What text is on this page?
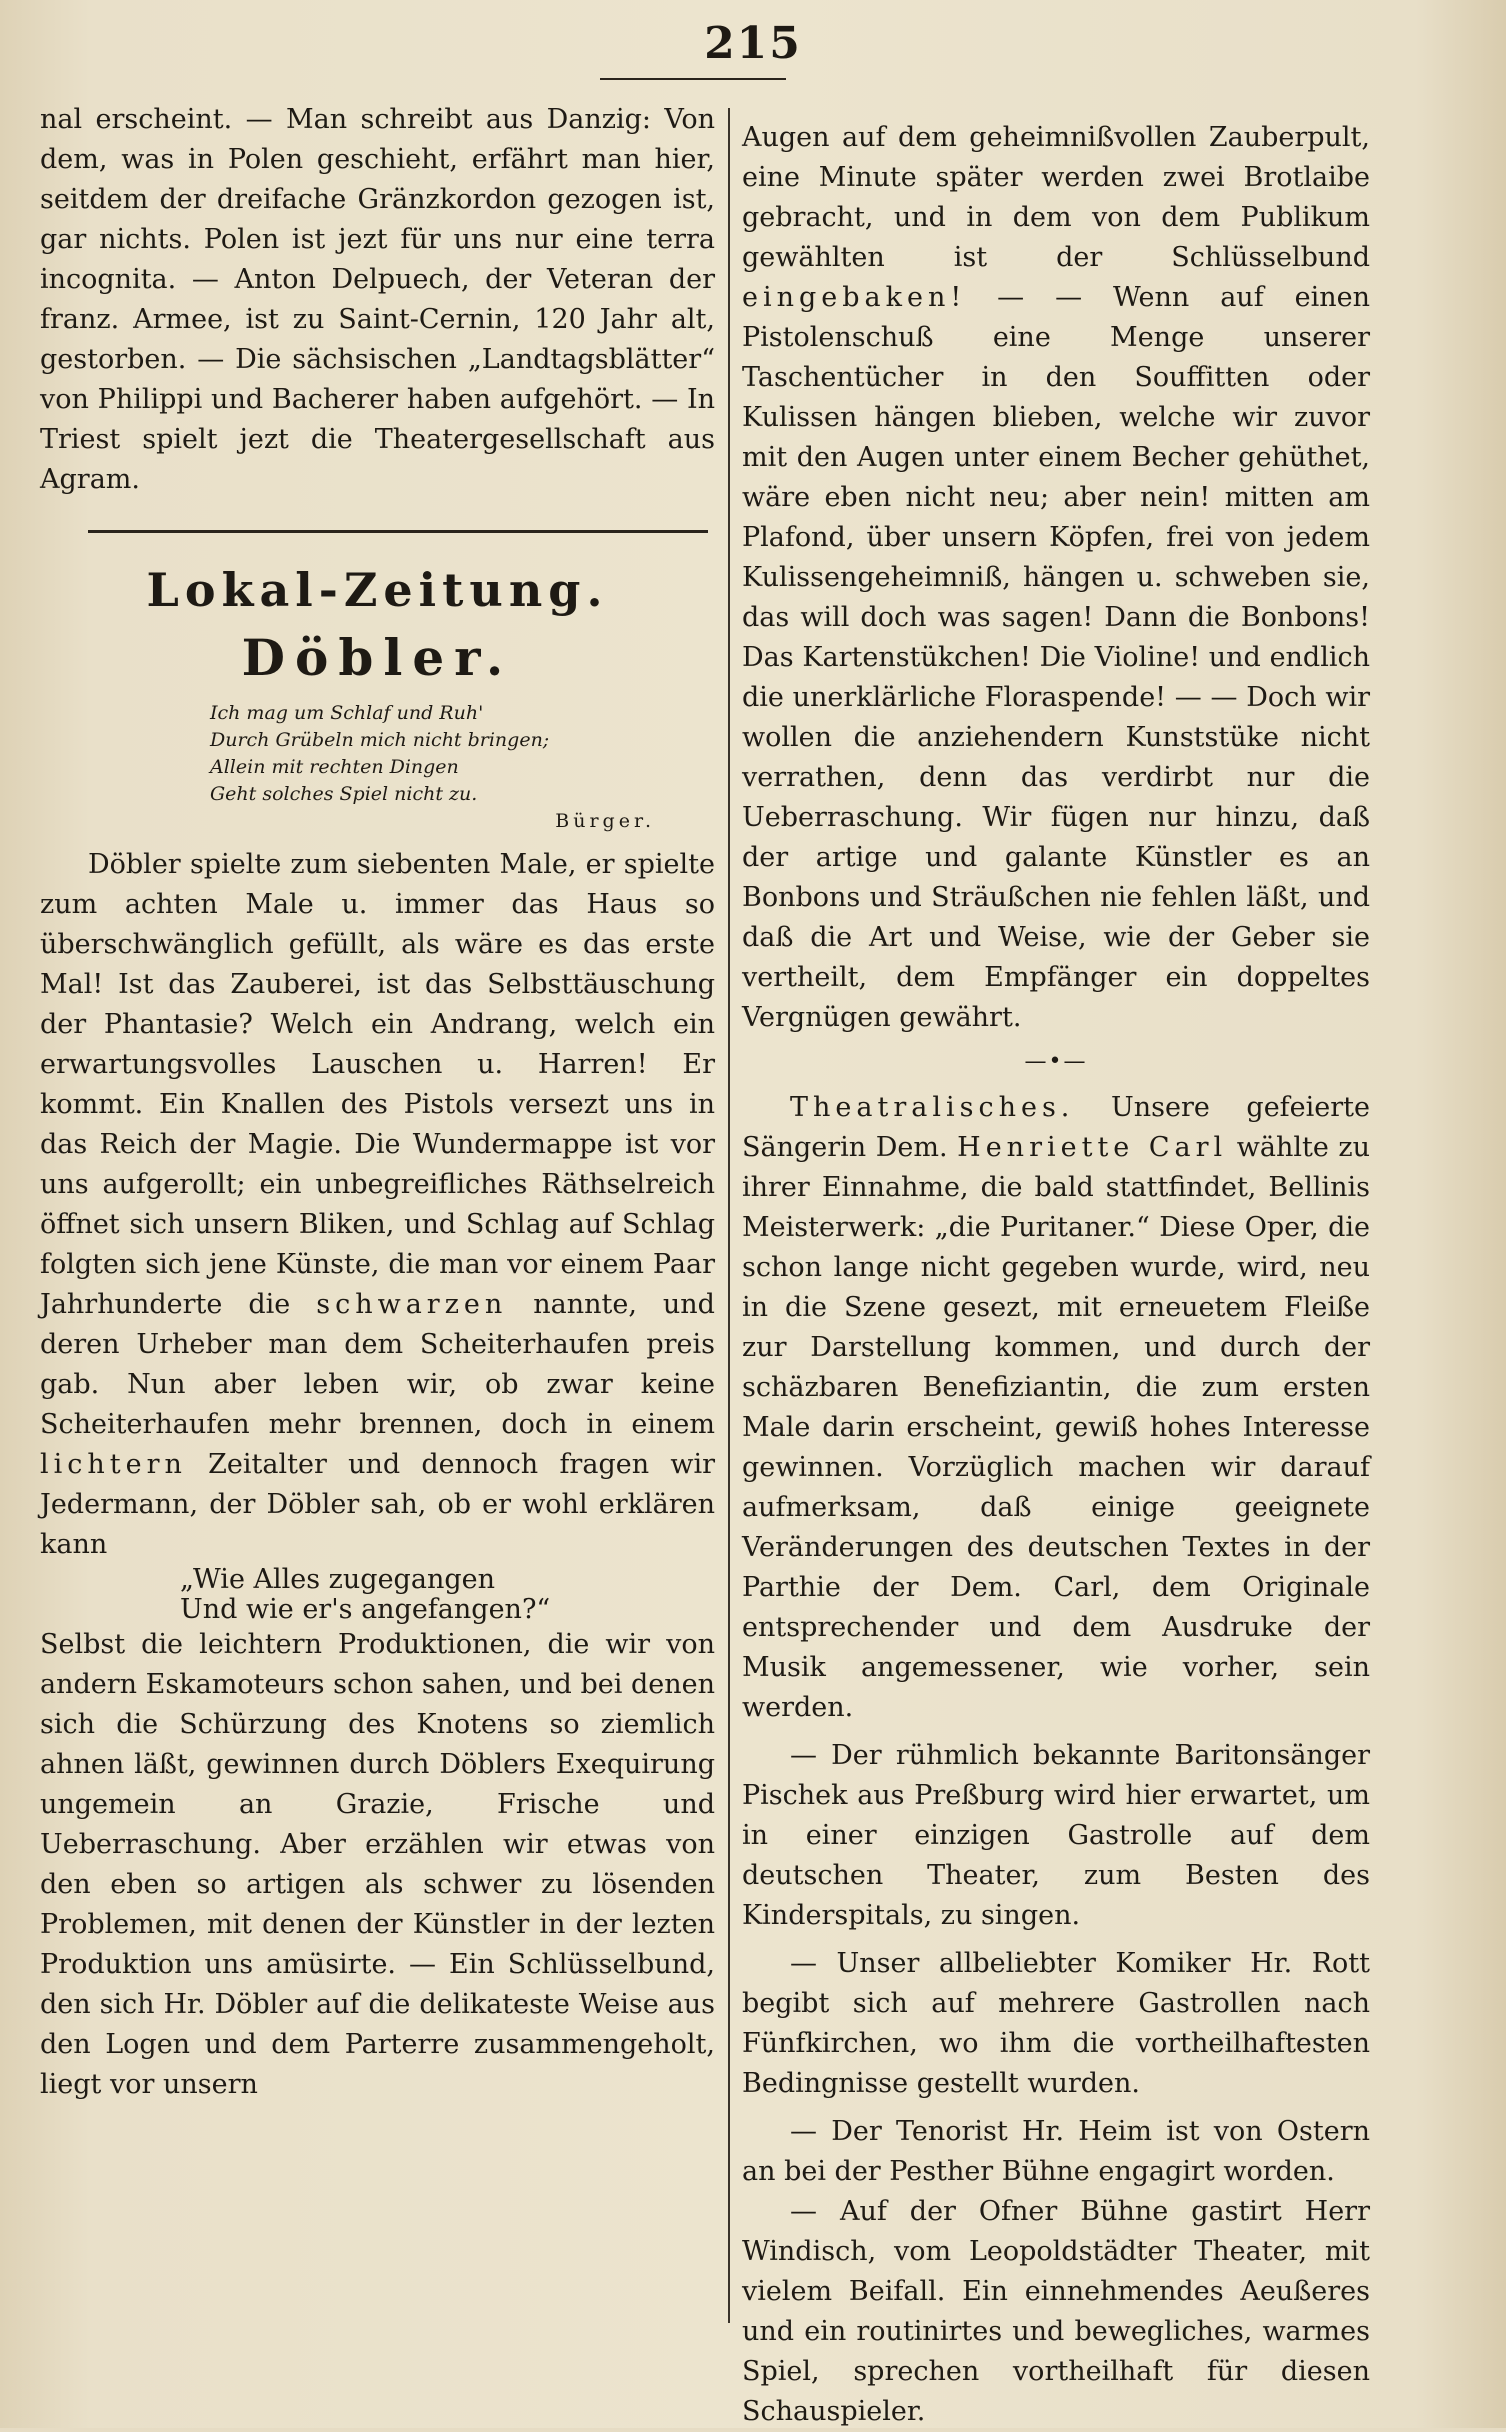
215

nal erscheint. — Man schreibt aus Danzig: Von dem, was in Polen geschieht, erfährt man hier, seitdem der dreifache Gränzkordon gezogen ist, gar nichts. Polen ist jezt für uns nur eine terra incognita. — Anton Delpuech, der Veteran der franz. Armee, ist zu Saint-Cernin, 120 Jahr alt, gestorben. — Die sächsischen „Landtagsblätter“ von Philippi und Bacherer haben aufgehört. — In Triest spielt jezt die Theatergesellschaft aus Agram.

Lokal-Zeitung.
Döbler.
Ich mag um Schlaf und Ruh'
Durch Grübeln mich nicht bringen;
Allein mit rechten Dingen
Geht solches Spiel nicht zu.
Bürger.

Döbler spielte zum siebenten Male, er spielte zum achten Male u. immer das Haus so überschwänglich gefüllt, als wäre es das erste Mal! Ist das Zauberei, ist das Selbsttäuschung der Phantasie? Welch ein Andrang, welch ein erwartungsvolles Lauschen u. Harren! Er kommt. Ein Knallen des Pistols versezt uns in das Reich der Magie. Die Wundermappe ist vor uns aufgerollt; ein unbegreifliches Räthselreich öffnet sich unsern Bliken, und Schlag auf Schlag folgten sich jene Künste, die man vor einem Paar Jahrhunderte die schwarzen nannte, und deren Urheber man dem Scheiterhaufen preis gab. Nun aber leben wir, ob zwar keine Scheiterhaufen mehr brennen, doch in einem lichtern Zeitalter und dennoch fragen wir Jedermann, der Döbler sah, ob er wohl erklären kann

„Wie Alles zugegangen
Und wie er's angefangen?“

Selbst die leichtern Produktionen, die wir von andern Eskamoteurs schon sahen, und bei denen sich die Schürzung des Knotens so ziemlich ahnen läßt, gewinnen durch Döblers Exequirung ungemein an Grazie, Frische und Ueberraschung. Aber erzählen wir etwas von den eben so artigen als schwer zu lösenden Problemen, mit denen der Künstler in der lezten Produktion uns amüsirte. — Ein Schlüsselbund, den sich Hr. Döbler auf die delikateste Weise aus den Logen und dem Parterre zusammengeholt, liegt vor unsern

Augen auf dem geheimnißvollen Zauberpult, eine Minute später werden zwei Brotlaibe gebracht, und in dem von dem Publikum gewählten ist der Schlüsselbund eingebaken! — — Wenn auf einen Pistolenschuß eine Menge unserer Taschentücher in den Souffitten oder Kulissen hängen blieben, welche wir zuvor mit den Augen unter einem Becher gehüthet, wäre eben nicht neu; aber nein! mitten am Plafond, über unsern Köpfen, frei von jedem Kulissengeheimniß, hängen u. schweben sie, das will doch was sagen! Dann die Bonbons! Das Kartenstükchen! Die Violine! und endlich die unerklärliche Floraspende! — — Doch wir wollen die anziehendern Kunststüke nicht verrathen, denn das verdirbt nur die Ueberraschung. Wir fügen nur hinzu, daß der artige und galante Künstler es an Bonbons und Sträußchen nie fehlen läßt, und daß die Art und Weise, wie der Geber sie vertheilt, dem Empfänger ein doppeltes Vergnügen gewährt.

—•—

Theatralisches. Unsere gefeierte Sängerin Dem. Henriette Carl wählte zu ihrer Einnahme, die bald stattfindet, Bellinis Meisterwerk: „die Puritaner.“ Diese Oper, die schon lange nicht gegeben wurde, wird, neu in die Szene gesezt, mit erneuetem Fleiße zur Darstellung kommen, und durch der schäzbaren Benefiziantin, die zum ersten Male darin erscheint, gewiß hohes Interesse gewinnen. Vorzüglich machen wir darauf aufmerksam, daß einige geeignete Veränderungen des deutschen Textes in der Parthie der Dem. Carl, dem Originale entsprechender und dem Ausdruke der Musik angemessener, wie vorher, sein werden.

— Der rühmlich bekannte Baritonsänger Pischek aus Preßburg wird hier erwartet, um in einer einzigen Gastrolle auf dem deutschen Theater, zum Besten des Kinderspitals, zu singen.

— Unser allbeliebter Komiker Hr. Rott begibt sich auf mehrere Gastrollen nach Fünfkirchen, wo ihm die vortheilhaftesten Bedingnisse gestellt wurden.

— Der Tenorist Hr. Heim ist von Ostern an bei der Pesther Bühne engagirt worden.

— Auf der Ofner Bühne gastirt Herr Windisch, vom Leopoldstädter Theater, mit vielem Beifall. Ein einnehmendes Aeußeres und ein routinirtes und bewegliches, warmes Spiel, sprechen vortheilhaft für diesen Schauspieler.
